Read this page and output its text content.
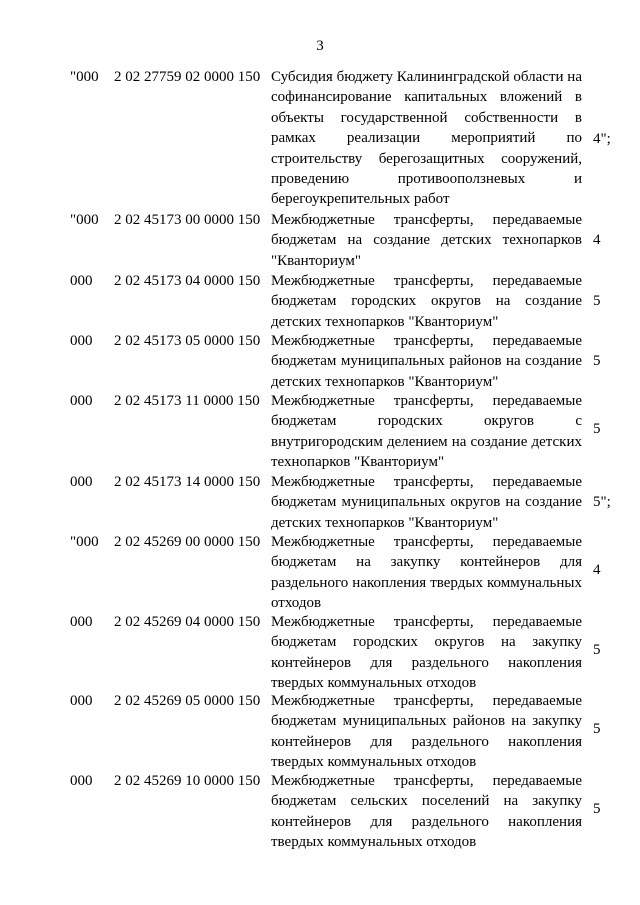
3
"000 2 02 27759 02 0000 150 Субсидия бюджету Калининградской области на софинансирование капитальных вложений в объекты государственной собственности в рамках реализации мероприятий по строительству берегозащитных сооружений, проведению противооползневых и берегоукрепительных работ
4";
"000 2 02 45173 00 0000 150 Межбюджетные трансферты, передаваемые бюджетам на создание детских технопарков "Кванториум"
4
000 2 02 45173 04 0000 150 Межбюджетные трансферты, передаваемые бюджетам городских округов на создание детских технопарков "Кванториум"
5
000 2 02 45173 05 0000 150 Межбюджетные трансферты, передаваемые бюджетам муниципальных районов на создание детских технопарков "Кванториум"
5
000 2 02 45173 11 0000 150 Межбюджетные трансферты, передаваемые бюджетам городских округов с внутригородским делением на создание детских технопарков "Кванториум"
5
000 2 02 45173 14 0000 150 Межбюджетные трансферты, передаваемые бюджетам муниципальных округов на создание детских технопарков "Кванториум"
5";
"000 2 02 45269 00 0000 150 Межбюджетные трансферты, передаваемые бюджетам на закупку контейнеров для раздельного накопления твердых коммунальных отходов
4
000 2 02 45269 04 0000 150 Межбюджетные трансферты, передаваемые бюджетам городских округов на закупку контейнеров для раздельного накопления твердых коммунальных отходов
5
000 2 02 45269 05 0000 150 Межбюджетные трансферты, передаваемые бюджетам муниципальных районов на закупку контейнеров для раздельного накопления твердых коммунальных отходов
5
000 2 02 45269 10 0000 150 Межбюджетные трансферты, передаваемые бюджетам сельских поселений на закупку контейнеров для раздельного накопления твердых коммунальных отходов
5
